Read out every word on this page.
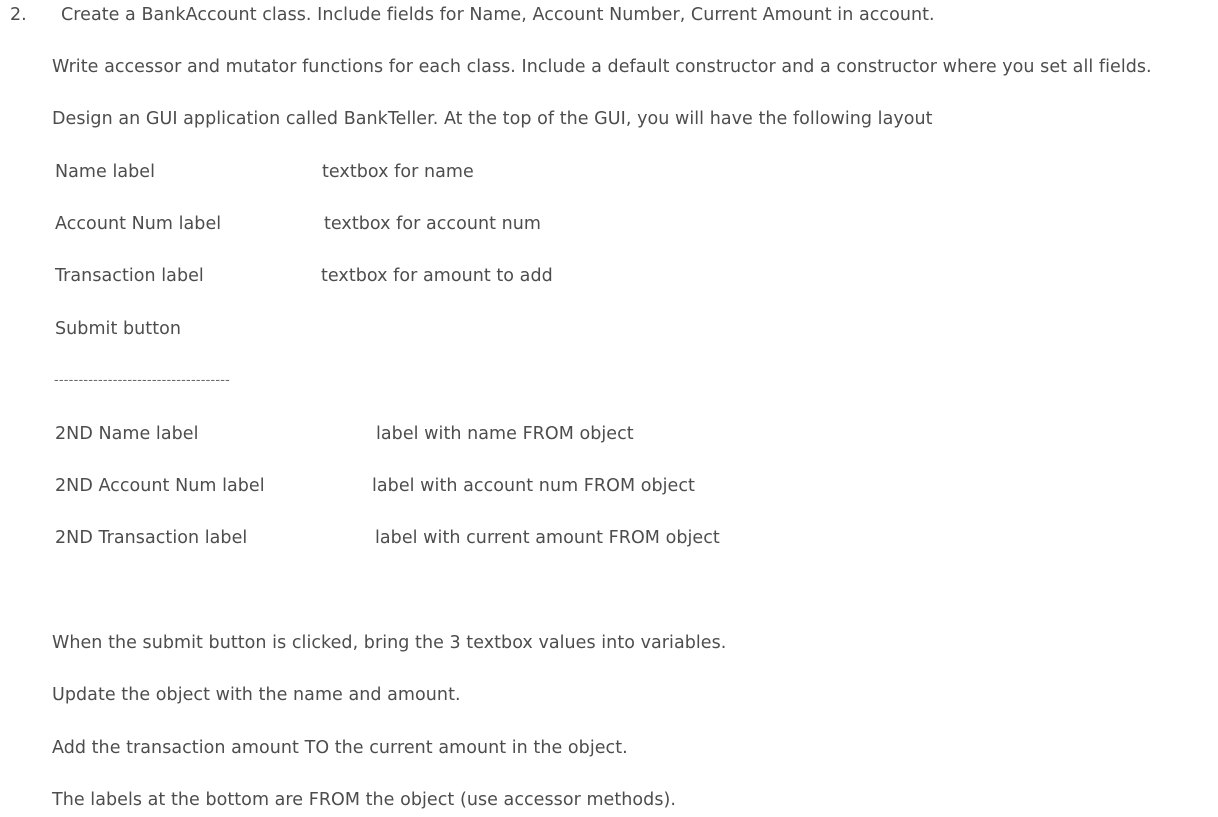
2. Create a BankAccount class. Include fields for Name, Account Number, Current Amount in account.
Write accessor and mutator functions for each class. Include a default constructor and a constructor where you set all fields.
Design an GUI application called BankTeller. At the top of the GUI, you will have the following layout
Name label	textbox for name
Account Num label	textbox for account num
Transaction label	textbox for amount to add
Submit button
------------------------------------
2ND Name label	label with name FROM object
2ND Account Num label	label with account num FROM object
2ND Transaction label	label with current amount FROM object
When the submit button is clicked, bring the 3 textbox values into variables.
Update the object with the name and amount.
Add the transaction amount TO the current amount in the object.
The labels at the bottom are FROM the object (use accessor methods).
